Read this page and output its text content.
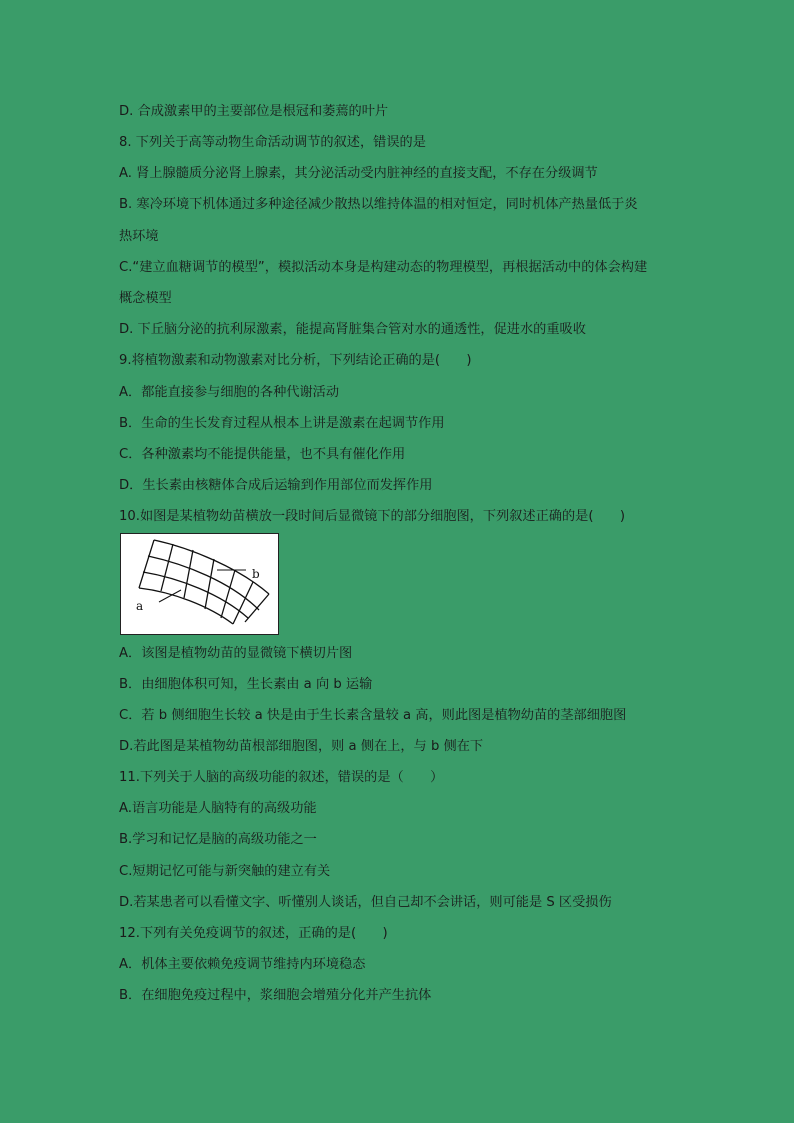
D. 合成激素甲的主要部位是根冠和萎蔫的叶片
8. 下列关于高等动物生命活动调节的叙述，错误的是
A. 肾上腺髓质分泌肾上腺素，其分泌活动受内脏神经的直接支配，不存在分级调节
B. 寒冷环境下机体通过多种途径减少散热以维持体温的相对恒定，同时机体产热量低于炎
热环境
C.“建立血糖调节的模型”，模拟活动本身是构建动态的物理模型，再根据活动中的体会构建
概念模型
D. 下丘脑分泌的抗利尿激素，能提高肾脏集合管对水的通透性，促进水的重吸收
9.将植物激素和动物激素对比分析，下列结论正确的是(　　)
A．都能直接参与细胞的各种代谢活动
B．生命的生长发育过程从根本上讲是激素在起调节作用
C．各种激素均不能提供能量，也不具有催化作用
D．生长素由核糖体合成后运输到作用部位而发挥作用
10.如图是某植物幼苗横放一段时间后显微镜下的部分细胞图，下列叙述正确的是(　　)
b
a
A．该图是植物幼苗的显微镜下横切片图
B．由细胞体积可知，生长素由 a 向 b 运输
C．若 b 侧细胞生长较 a 快是由于生长素含量较 a 高，则此图是植物幼苗的茎部细胞图
D.若此图是某植物幼苗根部细胞图，则 a 侧在上，与 b 侧在下
11.下列关于人脑的高级功能的叙述，错误的是（　　）
A.语言功能是人脑特有的高级功能
B.学习和记忆是脑的高级功能之一
C.短期记忆可能与新突触的建立有关
D.若某患者可以看懂文字、听懂别人谈话，但自己却不会讲话，则可能是 S 区受损伤
12.下列有关免疫调节的叙述，正确的是(　　)
A．机体主要依赖免疫调节维持内环境稳态
B．在细胞免疫过程中，浆细胞会增殖分化并产生抗体
